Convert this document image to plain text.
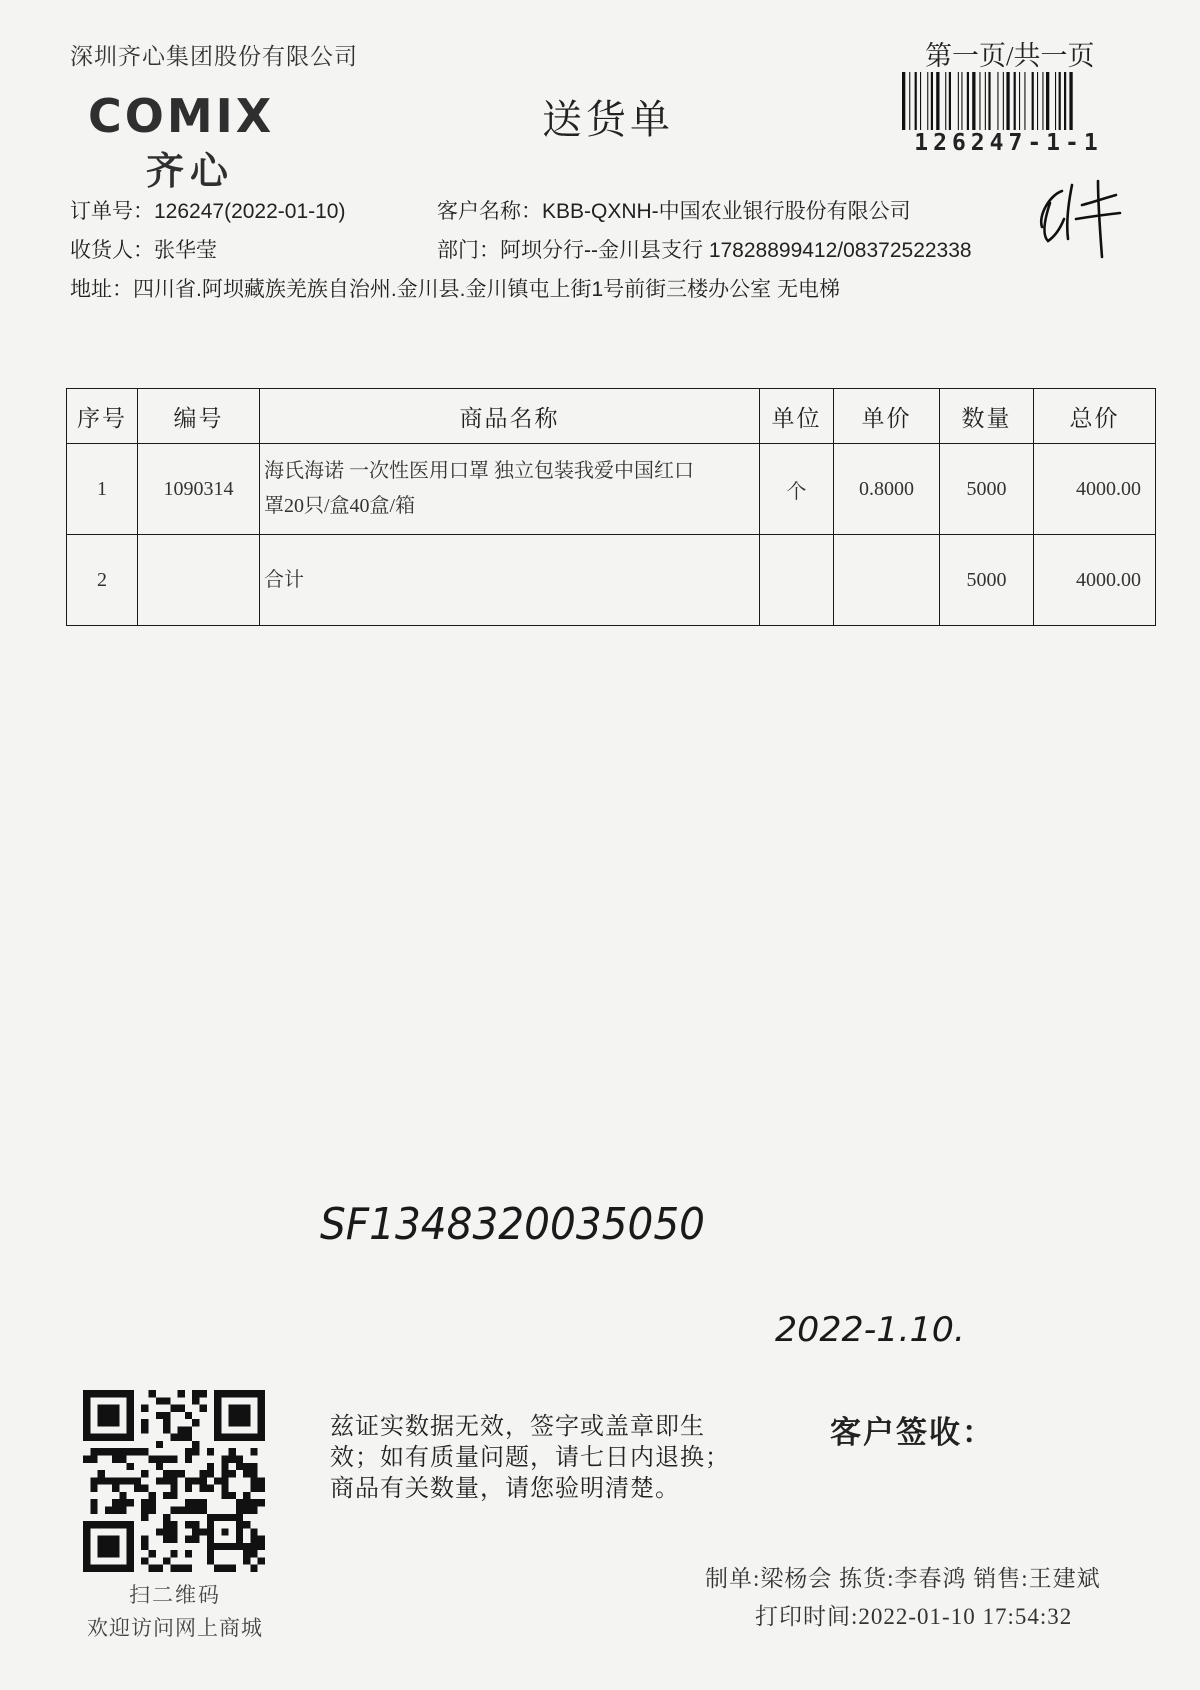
深圳齐心集团股份有限公司	第一页/共一页
COMIX
齐心
送货单
126247-1-1
订单号：126247(2022-01-10)	客户名称：KBB-QXNH-中国农业银行股份有限公司
收货人：张华莹	部门：阿坝分行--金川县支行 17828899412/08372522338
地址：四川省.阿坝藏族羌族自治州.金川县.金川镇屯上街1号前街三楼办公室 无电梯
序号	编号	商品名称	单位	单价	数量	总价
1	1090314	海氏海诺 一次性医用口罩 独立包装我爱中国红口
罩20只/盒40盒/箱	个	0.8000	5000	4000.00
2		合计			5000	4000.00
SF1348320035050
2022-1.10.
扫二维码
欢迎访问网上商城
兹证实数据无效，签字或盖章即生
效；如有质量问题，请七日内退换；
商品有关数量，请您验明清楚。
客户签收：
制单:梁杨会 拣货:李春鸿 销售:王建斌
打印时间:2022-01-10 17:54:32
